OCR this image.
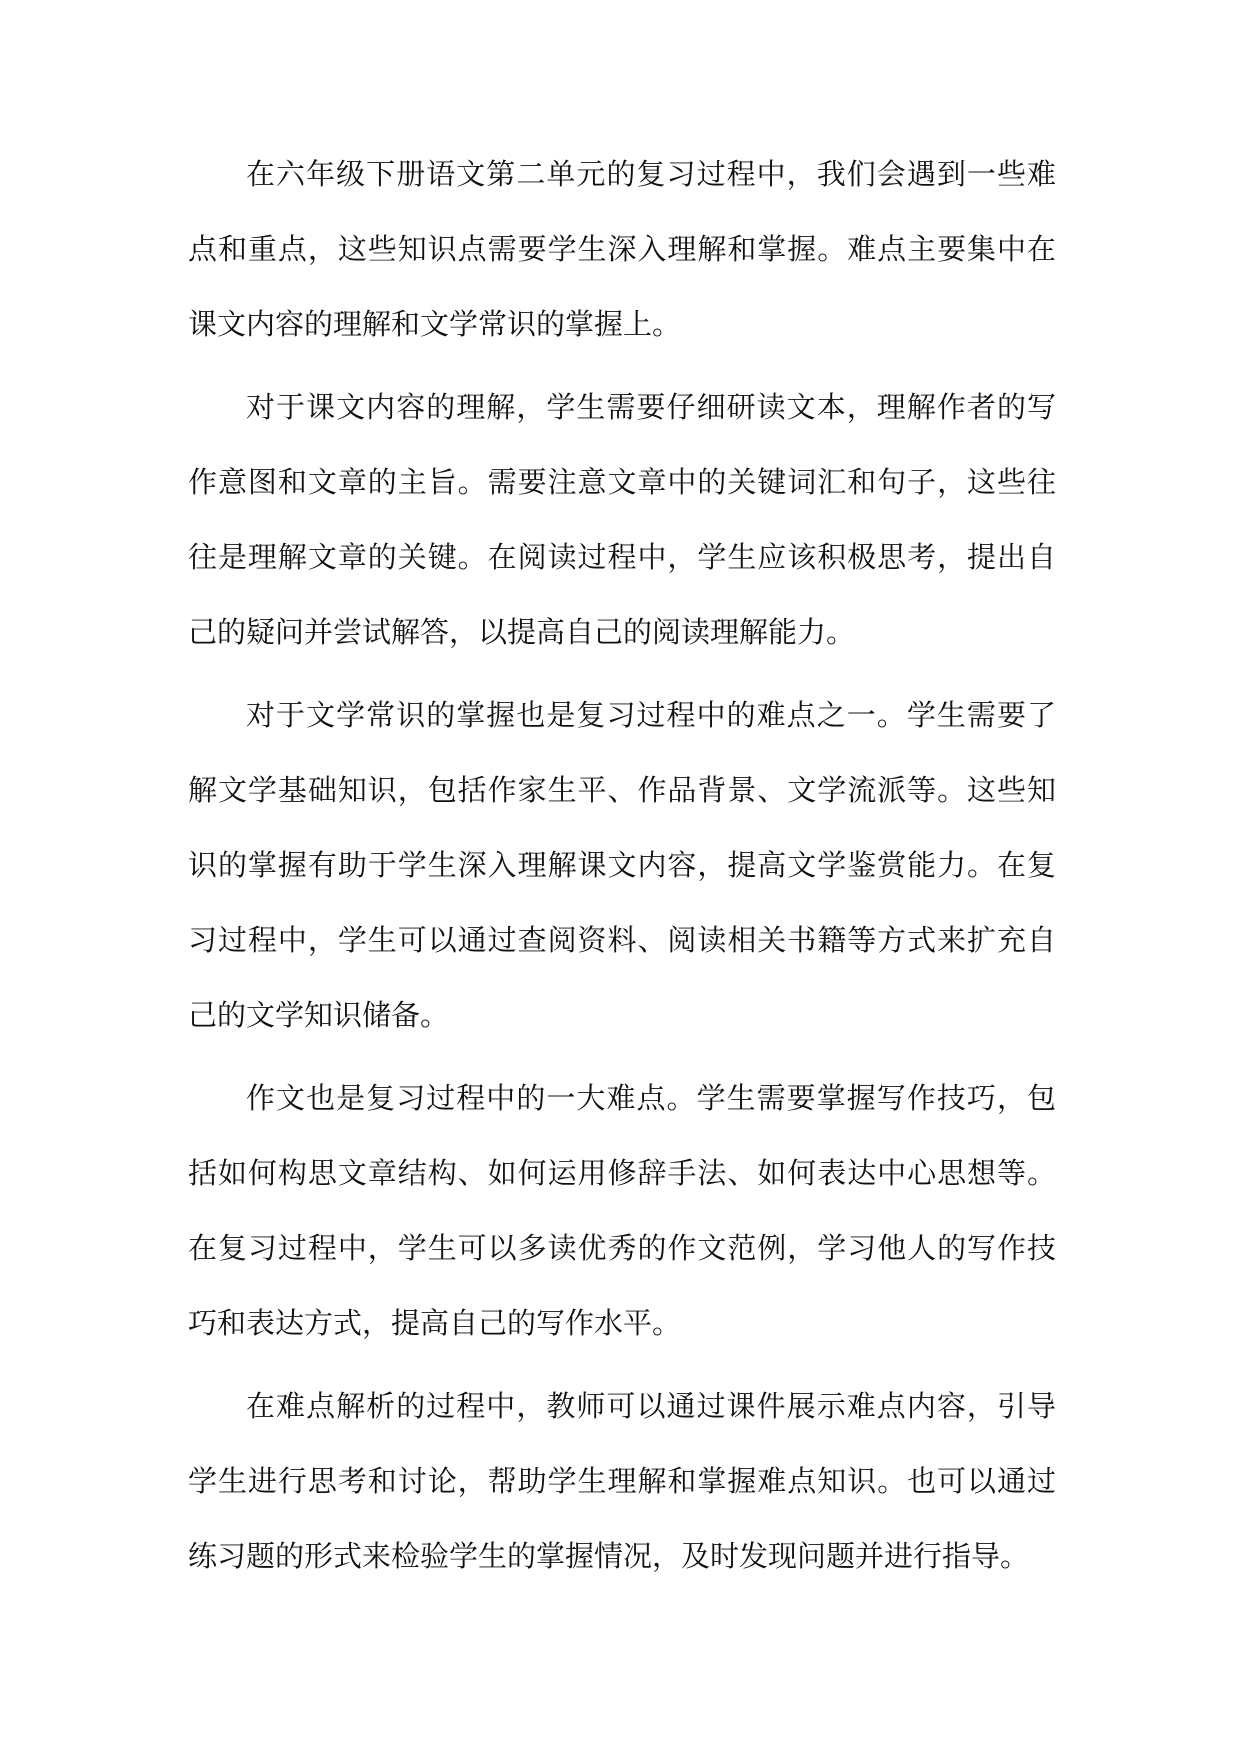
在六年级下册语文第二单元的复习过程中，我们会遇到一些难点和重点，这些知识点需要学生深入理解和掌握。难点主要集中在课文内容的理解和文学常识的掌握上。

对于课文内容的理解，学生需要仔细研读文本，理解作者的写作意图和文章的主旨。需要注意文章中的关键词汇和句子，这些往往是理解文章的关键。在阅读过程中，学生应该积极思考，提出自己的疑问并尝试解答，以提高自己的阅读理解能力。

对于文学常识的掌握也是复习过程中的难点之一。学生需要了解文学基础知识，包括作家生平、作品背景、文学流派等。这些知识的掌握有助于学生深入理解课文内容，提高文学鉴赏能力。在复习过程中，学生可以通过查阅资料、阅读相关书籍等方式来扩充自己的文学知识储备。

作文也是复习过程中的一大难点。学生需要掌握写作技巧，包括如何构思文章结构、如何运用修辞手法、如何表达中心思想等。在复习过程中，学生可以多读优秀的作文范例，学习他人的写作技巧和表达方式，提高自己的写作水平。

在难点解析的过程中，教师可以通过课件展示难点内容，引导学生进行思考和讨论，帮助学生理解和掌握难点知识。也可以通过练习题的形式来检验学生的掌握情况，及时发现问题并进行指导。
